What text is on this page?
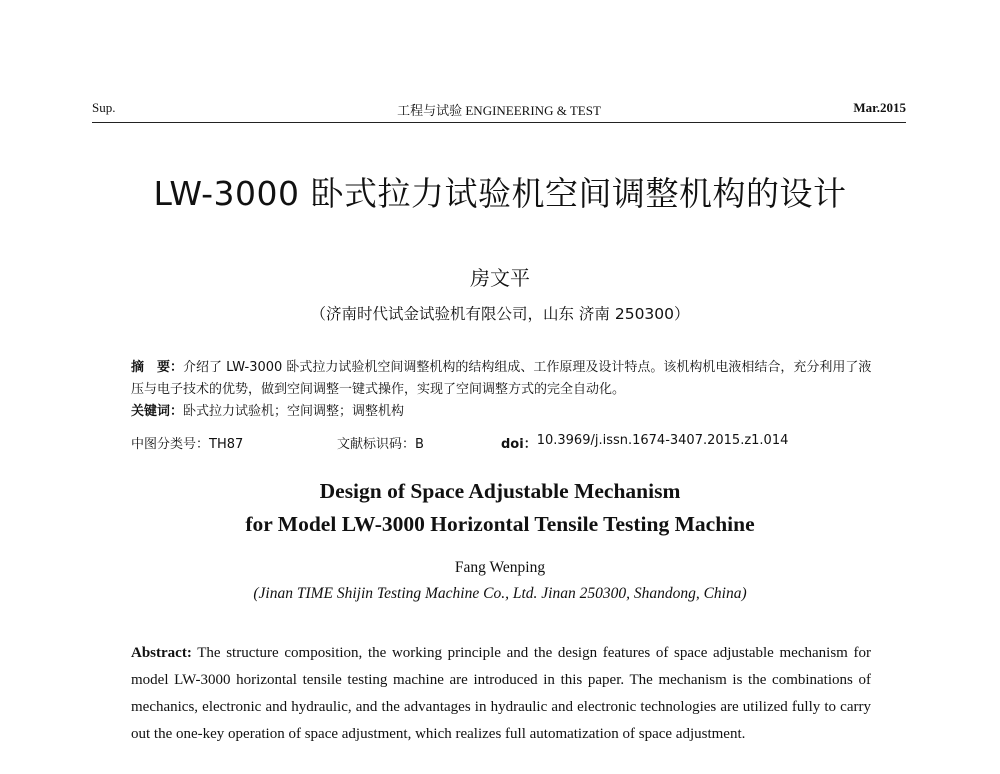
工程与试验 ENGINEERING & TEST
Sup.	Mar.2015
LW-3000 卧式拉力试验机空间调整机构的设计
房文平
（济南时代试金试验机有限公司，山东 济南 250300）
摘　要：介绍了 LW-3000 卧式拉力试验机空间调整机构的结构组成、工作原理及设计特点。该机构机电液相结合，充分利用了液压与电子技术的优势，做到空间调整一键式操作，实现了空间调整方式的完全自动化。
关键词：卧式拉力试验机；空间调整；调整机构
中图分类号：TH87	文献标识码：B	doi： 10.3969/j.issn.1674-3407.2015.z1.014
Design of Space Adjustable Mechanism
for Model LW-3000 Horizontal Tensile Testing Machine
Fang Wenping
(Jinan TIME Shijin Testing Machine Co., Ltd. Jinan 250300, Shandong, China)
Abstract: The structure composition, the working principle and the design features of space adjustable mechanism for model LW-3000 horizontal tensile testing machine are introduced in this paper. The mechanism is the combinations of mechanics, electronic and hydraulic, and the advantages in hydraulic and electronic technologies are utilized fully to carry out the one-key operation of space adjustment, which realizes full automatization of space adjustment.
